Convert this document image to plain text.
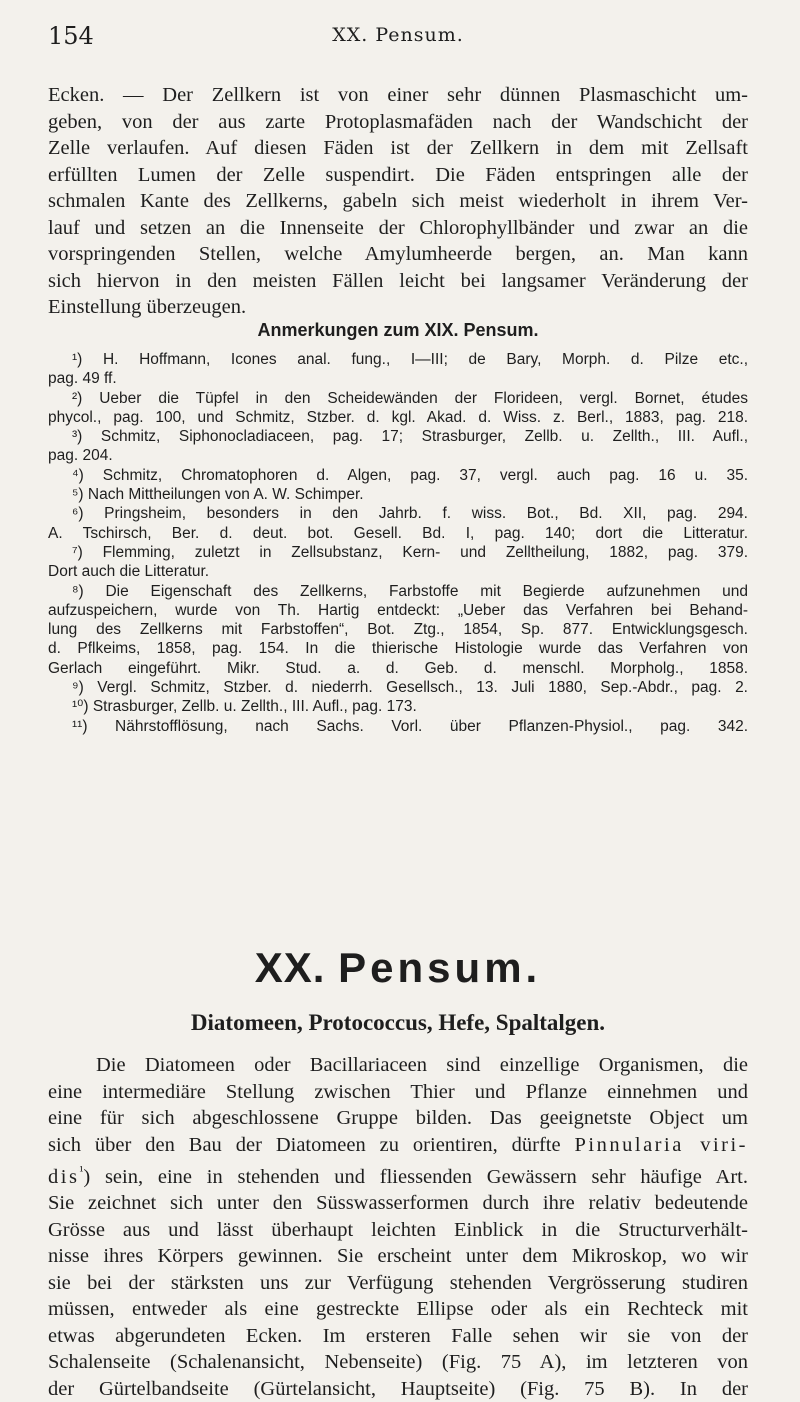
154	XX. Pensum.
Ecken. — Der Zellkern ist von einer sehr dünnen Plasmaschicht um-
geben, von der aus zarte Protoplasmafäden nach der Wandschicht der
Zelle verlaufen. Auf diesen Fäden ist der Zellkern in dem mit Zellsaft
erfüllten Lumen der Zelle suspendirt. Die Fäden entspringen alle der
schmalen Kante des Zellkerns, gabeln sich meist wiederholt in ihrem Ver-
lauf und setzen an die Innenseite der Chlorophyllbänder und zwar an die
vorspringenden Stellen, welche Amylumheerde bergen, an. Man kann
sich hiervon in den meisten Fällen leicht bei langsamer Veränderung der
Einstellung überzeugen.
Anmerkungen zum XIX. Pensum.
¹) H. Hoffmann, Icones anal. fung., I—III; de Bary, Morph. d. Pilze etc.,
pag. 49 ff.
²) Ueber die Tüpfel in den Scheidewänden der Florideen, vergl. Bornet, études
phycol., pag. 100, und Schmitz, Stzber. d. kgl. Akad. d. Wiss. z. Berl., 1883, pag. 218.
³) Schmitz, Siphonocladiaceen, pag. 17; Strasburger, Zellb. u. Zellth., III. Aufl.,
pag. 204.
⁴) Schmitz, Chromatophoren d. Algen, pag. 37, vergl. auch pag. 16 u. 35.
⁵) Nach Mittheilungen von A. W. Schimper.
⁶) Pringsheim, besonders in den Jahrb. f. wiss. Bot., Bd. XII, pag. 294.
A. Tschirsch, Ber. d. deut. bot. Gesell. Bd. I, pag. 140; dort die Litteratur.
⁷) Flemming, zuletzt in Zellsubstanz, Kern- und Zelltheilung, 1882, pag. 379.
Dort auch die Litteratur.
⁸) Die Eigenschaft des Zellkerns, Farbstoffe mit Begierde aufzunehmen und
aufzuspeichern, wurde von Th. Hartig entdeckt: „Ueber das Verfahren bei Behand-
lung des Zellkerns mit Farbstoffen“, Bot. Ztg., 1854, Sp. 877. Entwicklungsgesch.
d. Pflkeims, 1858, pag. 154. In die thierische Histologie wurde das Verfahren von
Gerlach eingeführt. Mikr. Stud. a. d. Geb. d. menschl. Morpholg., 1858.
⁹) Vergl. Schmitz, Stzber. d. niederrh. Gesellsch., 13. Juli 1880, Sep.-Abdr., pag. 2.
¹⁰) Strasburger, Zellb. u. Zellth., III. Aufl., pag. 173.
¹¹) Nährstofflösung, nach Sachs. Vorl. über Pflanzen-Physiol., pag. 342.
XX. Pensum.
Diatomeen, Protococcus, Hefe, Spaltalgen.
Die Diatomeen oder Bacillariaceen sind einzellige Organismen, die
eine intermediäre Stellung zwischen Thier und Pflanze einnehmen und
eine für sich abgeschlossene Gruppe bilden. Das geeignetste Object um
sich über den Bau der Diatomeen zu orientiren, dürfte Pinnularia viri-
dis$^{^1}$) sein, eine in stehenden und fliessenden Gewässern sehr häufige Art.
Sie zeichnet sich unter den Süsswasserformen durch ihre relativ bedeutende
Grösse aus und lässt überhaupt leichten Einblick in die Structurverhält-
nisse ihres Körpers gewinnen. Sie erscheint unter dem Mikroskop, wo wir
sie bei der stärksten uns zur Verfügung stehenden Vergrösserung studiren
müssen, entweder als eine gestreckte Ellipse oder als ein Rechteck mit
etwas abgerundeten Ecken. Im ersteren Falle sehen wir sie von der
Schalenseite (Schalenansicht, Nebenseite) (Fig. 75 A), im letzteren von
der Gürtelbandseite (Gürtelansicht, Hauptseite) (Fig. 75 B). In der
